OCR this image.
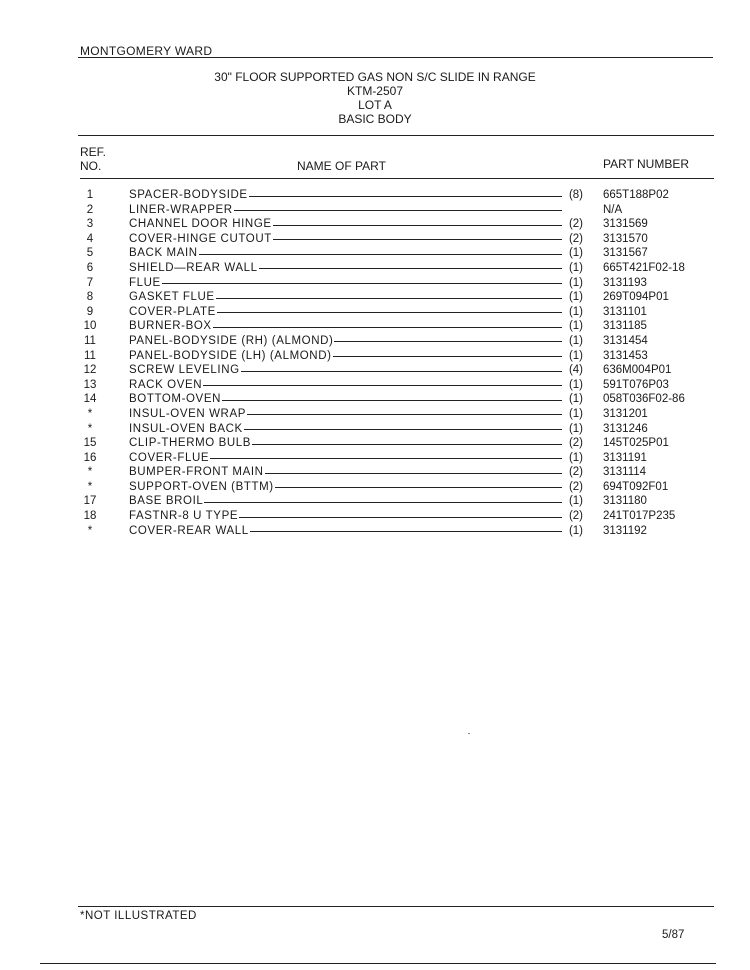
MONTGOMERY WARD
30" FLOOR SUPPORTED GAS NON S/C SLIDE IN RANGE
KTM-2507
LOT A
BASIC BODY
REF.
NO.	NAME OF PART	PART NUMBER
1	SPACER-BODYSIDE	(8) 665T188P02
2	LINER-WRAPPER	N/A
3	CHANNEL DOOR HINGE	(2) 3131569
4	COVER-HINGE CUTOUT	(2) 3131570
5	BACK MAIN	(1) 3131567
6	SHIELD—REAR WALL	(1) 665T421F02-18
7	FLUE	(1) 3131193
8	GASKET FLUE	(1) 269T094P01
9	COVER-PLATE	(1) 3131101
10	BURNER-BOX	(1) 3131185
11	PANEL-BODYSIDE (RH) (ALMOND)	(1) 3131454
11	PANEL-BODYSIDE (LH) (ALMOND)	(1) 3131453
12	SCREW LEVELING	(4) 636M004P01
13	RACK OVEN	(1) 591T076P03
14	BOTTOM-OVEN	(1) 058T036F02-86
*	INSUL-OVEN WRAP	(1) 3131201
*	INSUL-OVEN BACK	(1) 3131246
15	CLIP-THERMO BULB	(2) 145T025P01
16	COVER-FLUE	(1) 3131191
*	BUMPER-FRONT MAIN	(2) 3131114
*	SUPPORT-OVEN (BTTM)	(2) 694T092F01
17	BASE BROIL	(1) 3131180
18	FASTNR-8 U TYPE	(2) 241T017P235
*	COVER-REAR WALL	(1) 3131192
*NOT ILLUSTRATED
5/87
